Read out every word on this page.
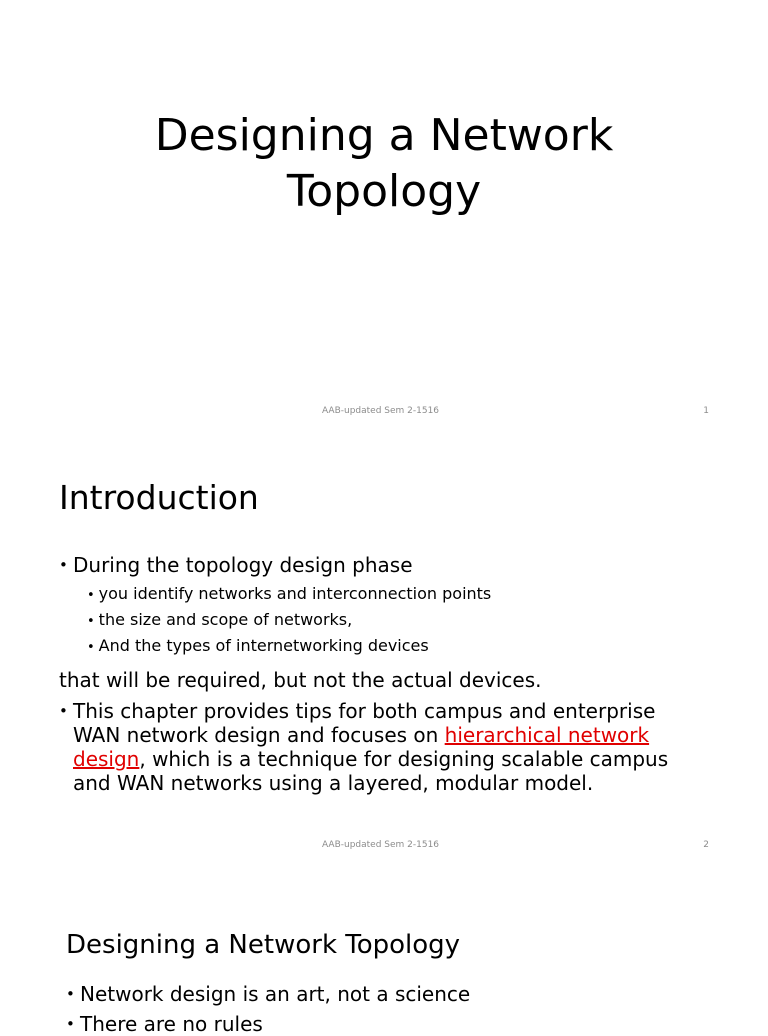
Designing a Network
Topology
AAB-updated Sem 2-1516	1
Introduction
• During the topology design phase
• you identify networks and interconnection points
• the size and scope of networks,
• And the types of internetworking devices
that will be required, but not the actual devices.
• This chapter provides tips for both campus and enterprise WAN network design and focuses on hierarchical network design, which is a technique for designing scalable campus and WAN networks using a layered, modular model.
AAB-updated Sem 2-1516	2
Designing a Network Topology
• Network design is an art, not a science
• There are no rules
